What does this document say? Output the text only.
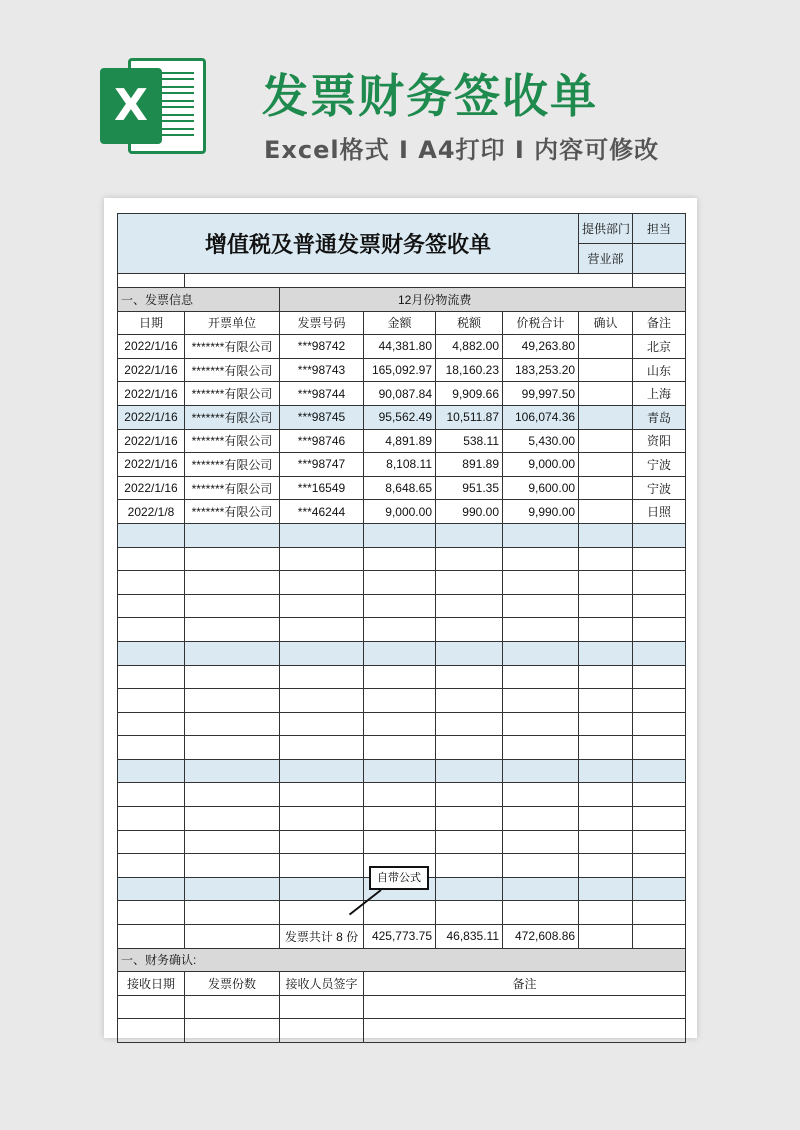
X	发票财务签收单
Excel格式 I A4打印 I 内容可修改
增值税及普通发票财务签收单						提供部门	担当
						营业部	

一、发票信息		12月份物流费					
日期	开票单位	发票号码	金额	税额	价税合计	确认	备注
2022/1/16	*******有限公司	***98742	44,381.80	4,882.00	49,263.80		北京
2022/1/16	*******有限公司	***98743	165,092.97	18,160.23	183,253.20		山东
2022/1/16	*******有限公司	***98744	90,087.84	9,909.66	99,997.50		上海
2022/1/16	*******有限公司	***98745	95,562.49	10,511.87	106,074.36		青岛
2022/1/16	*******有限公司	***98746	4,891.89	538.11	5,430.00		资阳
2022/1/16	*******有限公司	***98747	8,108.11	891.89	9,000.00		宁波
2022/1/16	*******有限公司	***16549	8,648.65	951.35	9,600.00		宁波
2022/1/8	*******有限公司	***46244	9,000.00	990.00	9,990.00		日照

		发票共计 8 份	425,773.75	46,835.11	472,608.86		
一、财务确认:							
接收日期	发票份数	接收人员签字	备注				

自带公式
